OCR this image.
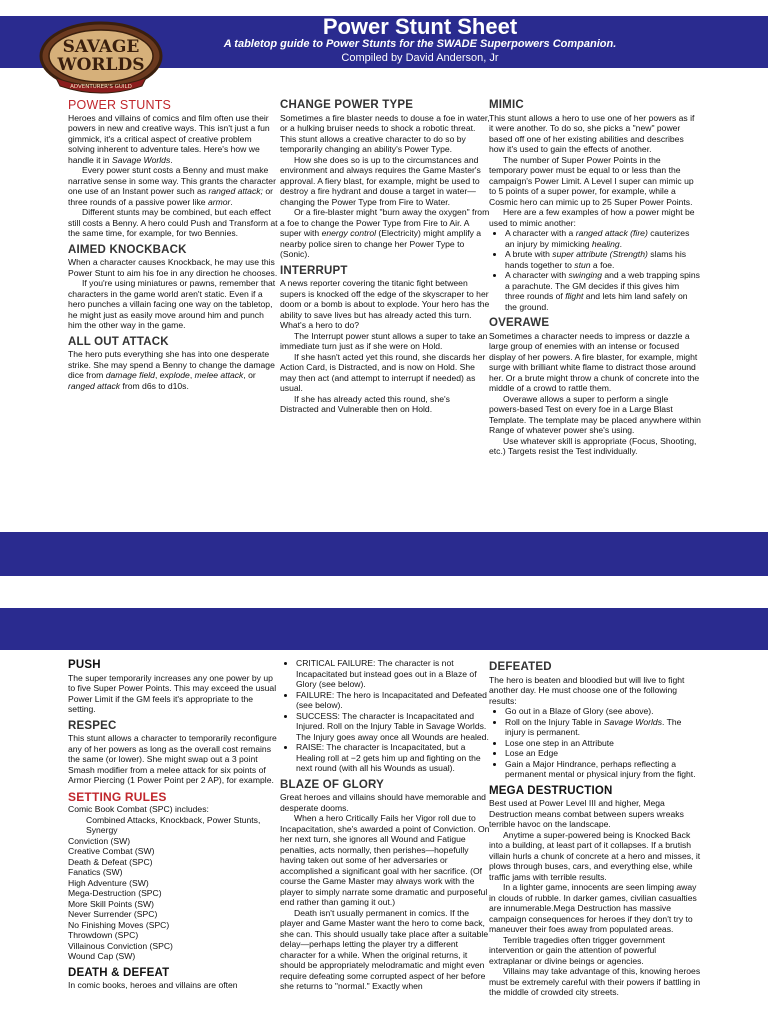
Power Stunt Sheet
A tabletop guide to Power Stunts for the SWADE Superpowers Companion.
Compiled by David Anderson, Jr
SAVAGE
WORLDS
ADVENTURER'S GUILD
POWER STUNTS

Heroes and villains of comics and film often use their powers in new and creative ways. This isn't just a fun gimmick, it's a critical aspect of creative problem solving inherent to adventure tales. Here's how we handle it in Savage Worlds.

Every power stunt costs a Benny and must make narrative sense in some way. This grants the character one use of an Instant power such as ranged attack; or three rounds of a passive power like armor.

Different stunts may be combined, but each effect still costs a Benny. A hero could Push and Transform at the same time, for example, for two Bennies.

AIMED KNOCKBACK

When a character causes Knockback, he may use this Power Stunt to aim his foe in any direction he chooses.

If you're using miniatures or pawns, remember that characters in the game world aren't static. Even if a hero punches a villain facing one way on the tabletop, he might just as easily move around him and punch him the other way in the game.

ALL OUT ATTACK

The hero puts everything she has into one desperate strike. She may spend a Benny to change the damage dice from damage field, explode, melee attack, or ranged attack from d6s to d10s.

CHANGE POWER TYPE

Sometimes a fire blaster needs to douse a foe in water, or a hulking bruiser needs to shock a robotic threat. This stunt allows a creative character to do so by temporarily changing an ability's Power Type.

How she does so is up to the circumstances and environment and always requires the Game Master's approval. A fiery blast, for example, might be used to destroy a fire hydrant and douse a target in water— changing the Power Type from Fire to Water.

Or a fire-blaster might "burn away the oxygen" from a foe to change the Power Type from Fire to Air. A super with energy control (Electricity) might amplify a nearby police siren to change her Power Type to (Sonic).

INTERRUPT

A news reporter covering the titanic fight between supers is knocked off the edge of the skyscraper to her doom or a bomb is about to explode. Your hero has the ability to save lives but has already acted this turn. What's a hero to do?

The Interrupt power stunt allows a super to take an immediate turn just as if she were on Hold.

If she hasn't acted yet this round, she discards her Action Card, is Distracted, and is now on Hold. She may then act (and attempt to interrupt if needed) as usual.

If she has already acted this round, she's Distracted and Vulnerable then on Hold.

MIMIC

This stunt allows a hero to use one of her powers as if it were another. To do so, she picks a "new" power based off one of her existing abilities and describes how it's used to gain the effects of another.

The number of Super Power Points in the temporary power must be equal to or less than the campaign's Power Limit. A Level I super can mimic up to 5 points of a super power, for example, while a Cosmic hero can mimic up to 25 Super Power Points.

Here are a few examples of how a power might be used to mimic another:

• A character with a ranged attack (fire) cauterizes an injury by mimicking healing.
• A brute with super attribute (Strength) slams his hands together to stun a foe.
• A character with swinging and a web trapping spins a parachute. The GM decides if this gives him three rounds of flight and lets him land safely on the ground.
OVERAWE

Sometimes a character needs to impress or dazzle a large group of enemies with an intense or focused display of her powers. A fire blaster, for example, might surge with brilliant white flame to distract those around her. Or a brute might throw a chunk of concrete into the middle of a crowd to rattle them.

Overawe allows a super to perform a single powers-based Test on every foe in a Large Blast Template. The template may be placed anywhere within Range of whatever power she's using.

Use whatever skill is appropriate (Focus, Shooting, etc.) Targets resist the Test individually.

PUSH

The super temporarily increases any one power by up to five Super Power Points. This may exceed the usual Power Limit if the GM feels it's appropriate to the setting.

RESPEC

This stunt allows a character to temporarily reconfigure any of her powers as long as the overall cost remains the same (or lower). She might swap out a 3 point Smash modifier from a melee attack for six points of Armor Piercing (1 Power Point per 2 AP), for example.

SETTING RULES

Comic Book Combat (SPC) includes:

Combined Attacks, Knockback, Power Stunts, Synergy

Conviction (SW)

Creative Combat (SW)

Death & Defeat (SPC)

Fanatics (SW)

High Adventure (SW)

Mega-Destruction (SPC)

More Skill Points (SW)

Never Surrender (SPC)

No Finishing Moves (SPC)

Throwdown (SPC)

Villainous Conviction (SPC)

Wound Cap (SW)

DEATH & DEFEAT

In comic books, heroes and villains are often

• CRITICAL FAILURE: The character is not Incapacitated but instead goes out in a Blaze of Glory (see below).
• FAILURE: The hero is Incapacitated and Defeated (see below).
• SUCCESS: The character is Incapacitated and Injured. Roll on the Injury Table in Savage Worlds. The Injury goes away once all Wounds are healed.
• RAISE: The character is Incapacitated, but a Healing roll at −2 gets him up and fighting on the next round (with all his Wounds as usual).
BLAZE OF GLORY

Great heroes and villains should have memorable and desperate dooms.

When a hero Critically Fails her Vigor roll due to Incapacitation, she's awarded a point of Conviction. On her next turn, she ignores all Wound and Fatigue penalties, acts normally, then perishes—hopefully having taken out some of her adversaries or accomplished a significant goal with her sacrifice. (Of course the Game Master may always work with the player to simply narrate some dramatic and purposeful end rather than gaming it out.)

Death isn't usually permanent in comics. If the player and Game Master want the hero to come back, she can. This should usually take place after a suitable delay—perhaps letting the player try a different character for a while. When the original returns, it should be appropriately melodramatic and might even require defeating some corrupted aspect of her before she returns to "normal." Exactly when

DEFEATED

The hero is beaten and bloodied but will live to fight another day. He must choose one of the following results:

• Go out in a Blaze of Glory (see above).
• Roll on the Injury Table in Savage Worlds. The injury is permanent.
• Lose one step in an Attribute
• Lose an Edge
• Gain a Major Hindrance, perhaps reflecting a permanent mental or physical injury from the fight.
MEGA DESTRUCTION

Best used at Power Level III and higher, Mega Destruction means combat between supers wreaks terrible havoc on the landscape.

Anytime a super-powered being is Knocked Back into a building, at least part of it collapses. If a brutish villain hurls a chunk of concrete at a hero and misses, it plows through buses, cars, and everything else, while traffic jams with terrible results.

In a lighter game, innocents are seen limping away in clouds of rubble. In darker games, civilian casualties are innumerable.Mega Destruction has massive campaign consequences for heroes if they don't try to maneuver their foes away from populated areas.

Terrible tragedies often trigger government intervention or gain the attention of powerful extraplanar or divine beings or agencies.

Villains may take advantage of this, knowing heroes must be extremely careful with their powers if battling in the middle of crowded city streets.
